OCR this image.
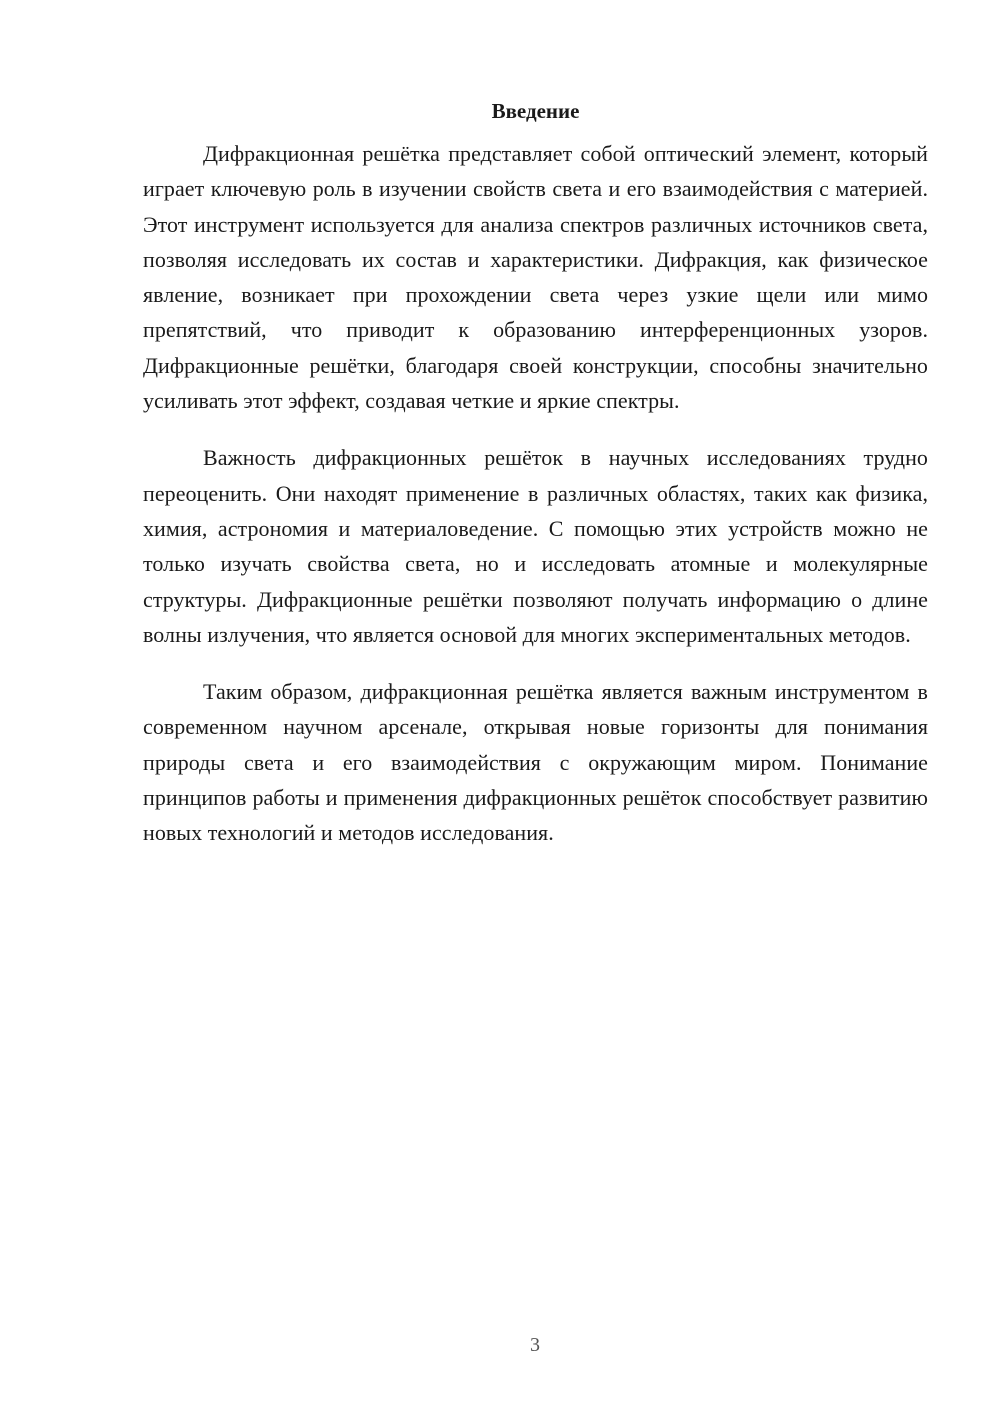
Введение

Дифракционная решётка представляет собой оптический элемент, который играет ключевую роль в изучении свойств света и его взаимодействия с материей. Этот инструмент используется для анализа спектров различных источников света, позволяя исследовать их состав и характеристики. Дифракция, как физическое явление, возникает при прохождении света через узкие щели или мимо препятствий, что приводит к образованию интерференционных узоров. Дифракционные решётки, благодаря своей конструкции, способны значительно усиливать этот эффект, создавая четкие и яркие спектры.

Важность дифракционных решёток в научных исследованиях трудно переоценить. Они находят применение в различных областях, таких как физика, химия, астрономия и материаловедение. С помощью этих устройств можно не только изучать свойства света, но и исследовать атомные и молекулярные структуры. Дифракционные решётки позволяют получать информацию о длине волны излучения, что является основой для многих экспериментальных методов.

Таким образом, дифракционная решётка является важным инструментом в современном научном арсенале, открывая новые горизонты для понимания природы света и его взаимодействия с окружающим миром. Понимание принципов работы и применения дифракционных решёток способствует развитию новых технологий и методов исследования.

3
